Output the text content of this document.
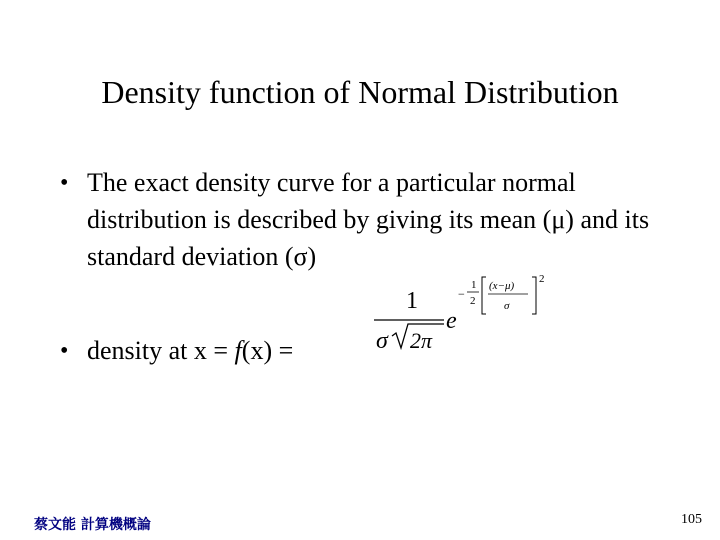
Density function of Normal Distribution
• The exact density curve for a particular normal distribution is described by giving its mean (μ) and its standard deviation (σ)
• density at x = f(x) =
1
σ 2π
e
−
1
2
(x−μ)
σ
2
蔡文能 計算機概論	105
